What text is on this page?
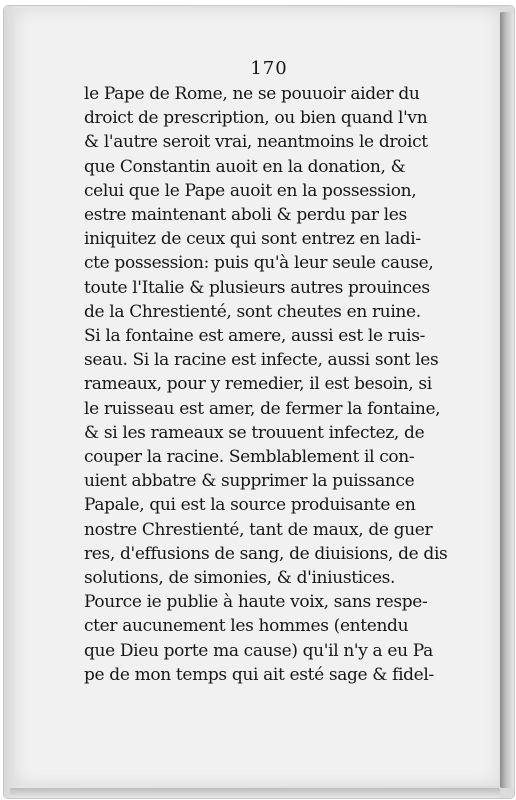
170
le Pape de Rome, ne se pouuoir aider du
droict de prescription, ou bien quand l'vn
& l'autre seroit vrai, neantmoins le droict
que Constantin auoit en la donation, &
celui que le Pape auoit en la possession,
estre maintenant aboli & perdu par les
iniquitez de ceux qui sont entrez en ladi-
cte possession: puis qu'à leur seule cause,
toute l'Italie & plusieurs autres prouinces
de la Chrestienté, sont cheutes en ruine.
Si la fontaine est amere, aussi est le ruis-
seau. Si la racine est infecte, aussi sont les
rameaux, pour y remedier, il est besoin, si
le ruisseau est amer, de fermer la fontaine,
& si les rameaux se trouuent infectez, de
couper la racine. Semblablement il con-
uient abbatre & supprimer la puissance
Papale, qui est la source produisante en
nostre Chrestienté, tant de maux, de guer
res, d'effusions de sang, de diuisions, de dis
solutions, de simonies, & d'iniustices.
Pource ie publie à haute voix, sans respe-
cter aucunement les hommes (entendu
que Dieu porte ma cause) qu'il n'y a eu Pa
pe de mon temps qui ait esté sage & fidel-
